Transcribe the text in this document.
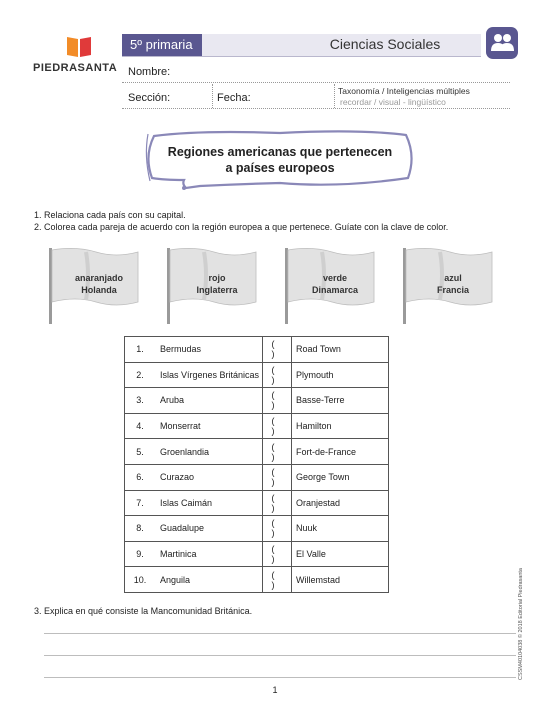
PIEDRASANTA
5º primaria	Ciencias Sociales
Nombre:
Sección:	Fecha:
Taxonomía / Inteligencias múltiples
recordar / visual - lingüístico
Regiones americanas que pertenecen
a países europeos
1. Relaciona cada país con su capital.
2. Colorea cada pareja de acuerdo con la región europea a que pertenece. Guíate con la clave de color.
anaranjado
Holanda
rojo
Inglaterra
verde
Dinamarca
azul
Francia
1.	Bermudas	( )	Road Town
2.	Islas Vírgenes Británicas	( )	Plymouth
3.	Aruba	( )	Basse-Terre
4.	Monserrat	( )	Hamilton
5.	Groenlandia	( )	Fort-de-France
6.	Curazao	( )	George Town
7.	Islas Caimán	( )	Oranjestad
8.	Guadalupe	( )	Nuuk
9.	Martinica	( )	El Valle
10.	Anguila	( )	Willemstad
3. Explica en qué consiste la Mancomunidad Británica.
1
CSSM40104038 © 2018 Editorial Piedrasanta
